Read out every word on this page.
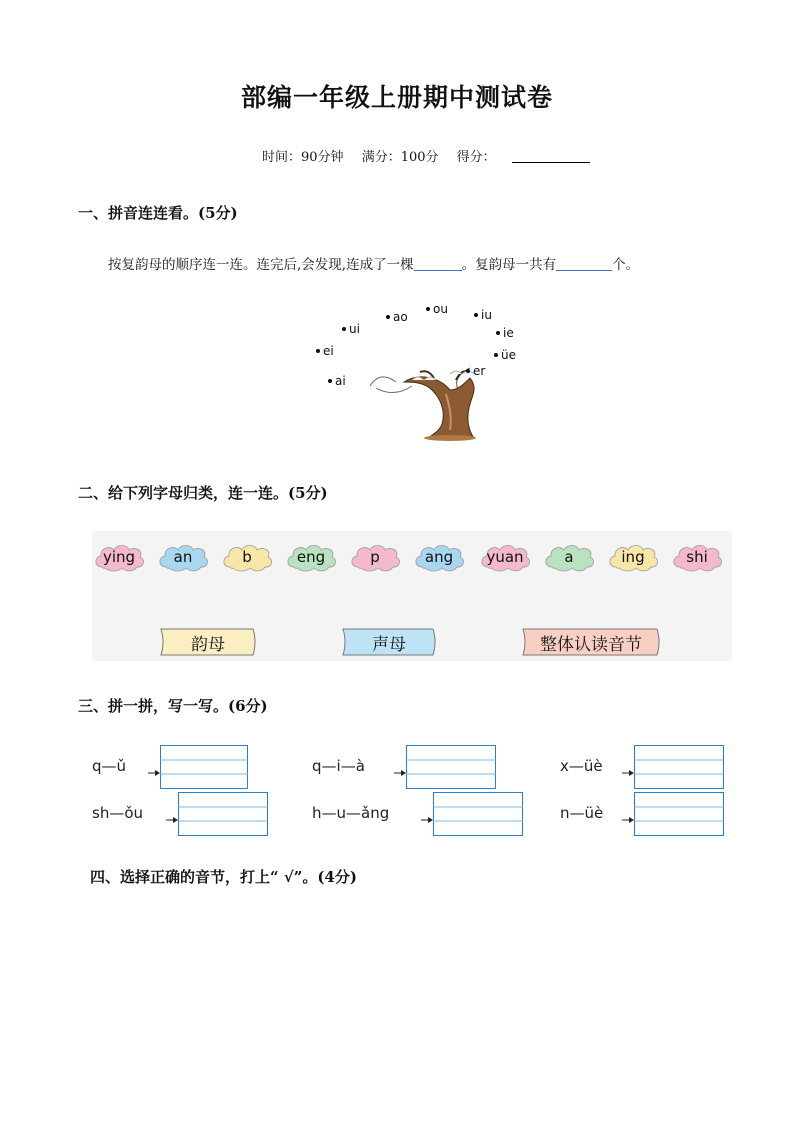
部编一年级上册期中测试卷
时间：90分钟 满分：100分 得分：
一、拼音连连看。(5分)
按复韵母的顺序连一连。连完后,会发现,连成了一棵	。复韵母一共有	个。
ao
ou	iu
ui	ie
ei	üe
er
ai
二、给下列字母归类，连一连。(5分)
ying	an	b	eng	p	ang yuan	a	ing	shi
韵母	声母	整体认读音节
三、拼一拼，写一写。(6分)
q—ǔ	q—i—à	x—üè
sh—ǒu	h—u—ǎng	n—üè
四、选择正确的音节，打上“ √”。(4分)
